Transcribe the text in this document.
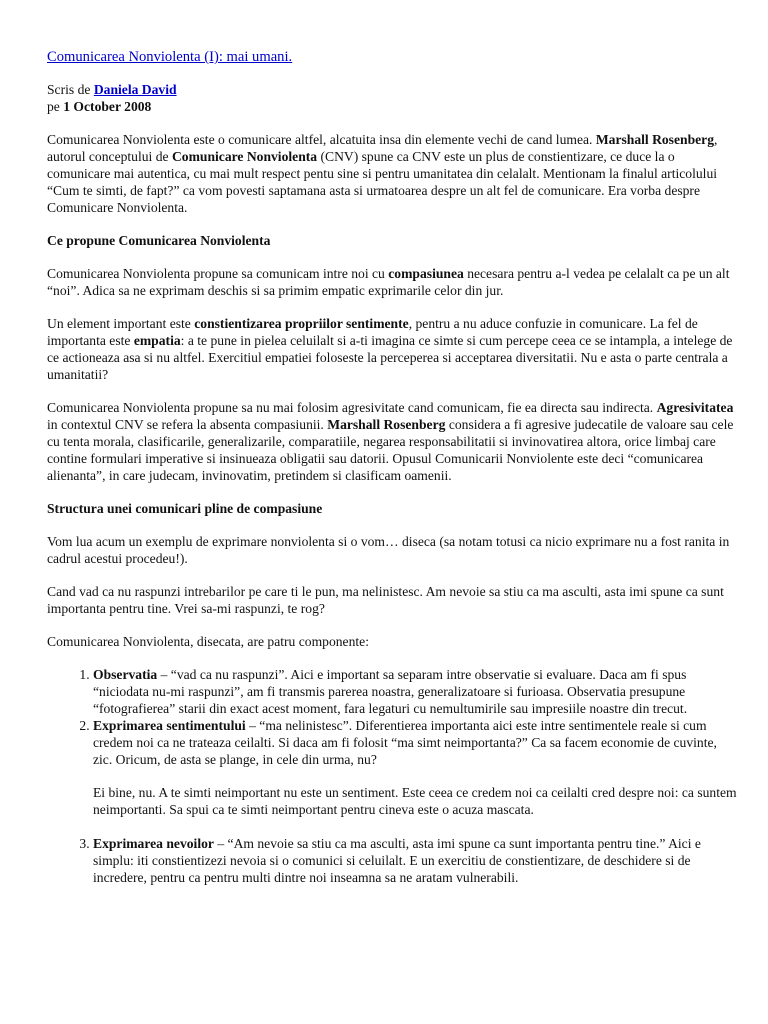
Comunicarea Nonviolenta (I): mai umani.
Scris de Daniela David
pe 1 October 2008

Comunicarea Nonviolenta este o comunicare altfel, alcatuita insa din elemente vechi de cand lumea. Marshall Rosenberg, autorul conceptului de Comunicare Nonviolenta (CNV) spune ca CNV este un plus de constientizare, ce duce la o comunicare mai autentica, cu mai mult respect pentu sine si pentru umanitatea din celalalt. Mentionam la finalul articolului “Cum te simti, de fapt?” ca vom povesti saptamana asta si urmatoarea despre un alt fel de comunicare. Era vorba despre Comunicare Nonviolenta.

Ce propune Comunicarea Nonviolenta

Comunicarea Nonviolenta propune sa comunicam intre noi cu compasiunea necesara pentru a-l vedea pe celalalt ca pe un alt “noi”. Adica sa ne exprimam deschis si sa primim empatic exprimarile celor din jur.

Un element important este constientizarea propriilor sentimente, pentru a nu aduce confuzie in comunicare. La fel de importanta este empatia: a te pune in pielea celuilalt si a-ti imagina ce simte si cum percepe ceea ce se intampla, a intelege de ce actioneaza asa si nu altfel. Exercitiul empatiei foloseste la perceperea si acceptarea diversitatii. Nu e asta o parte centrala a umanitatii?

Comunicarea Nonviolenta propune sa nu mai folosim agresivitate cand comunicam, fie ea directa sau indirecta. Agresivitatea in contextul CNV se refera la absenta compasiunii. Marshall Rosenberg considera a fi agresive judecatile de valoare sau cele cu tenta morala, clasificarile, generalizarile, comparatiile, negarea responsabilitatii si invinovatirea altora, orice limbaj care contine formulari imperative si insinueaza obligatii sau datorii. Opusul Comunicarii Nonviolente este deci “comunicarea alienanta”, in care judecam, invinovatim, pretindem si clasificam oamenii.

Structura unei comunicari pline de compasiune

Vom lua acum un exemplu de exprimare nonviolenta si o vom… diseca (sa notam totusi ca nicio exprimare nu a fost ranita in cadrul acestui procedeu!).

Cand vad ca nu raspunzi intrebarilor pe care ti le pun, ma nelinistesc. Am nevoie sa stiu ca ma asculti, asta imi spune ca sunt importanta pentru tine. Vrei sa-mi raspunzi, te rog?

Comunicarea Nonviolenta, disecata, are patru componente:

1. Observatia – “vad ca nu raspunzi”. Aici e important sa separam intre observatie si evaluare. Daca am fi spus “niciodata nu-mi raspunzi”, am fi transmis parerea noastra, generalizatoare si furioasa. Observatia presupune “fotografierea” starii din exact acest moment, fara legaturi cu nemultumirile sau impresiile noastre din trecut.

2. Exprimarea sentimentului – “ma nelinistesc”. Diferentierea importanta aici este intre sentimentele reale si cum credem noi ca ne trateaza ceilalti. Si daca am fi folosit “ma simt neimportanta?” Ca sa facem economie de cuvinte, zic. Oricum, de asta se plange, in cele din urma, nu?

Ei bine, nu. A te simti neimportant nu este un sentiment. Este ceea ce credem noi ca ceilalti cred despre noi: ca suntem neimportanti. Sa spui ca te simti neimportant pentru cineva este o acuza mascata.

3. Exprimarea nevoilor – “Am nevoie sa stiu ca ma asculti, asta imi spune ca sunt importanta pentru tine.” Aici e simplu: iti constientizezi nevoia si o comunici si celuilalt. E un exercitiu de constientizare, de deschidere si de incredere, pentru ca pentru multi dintre noi inseamna sa ne aratam vulnerabili.
